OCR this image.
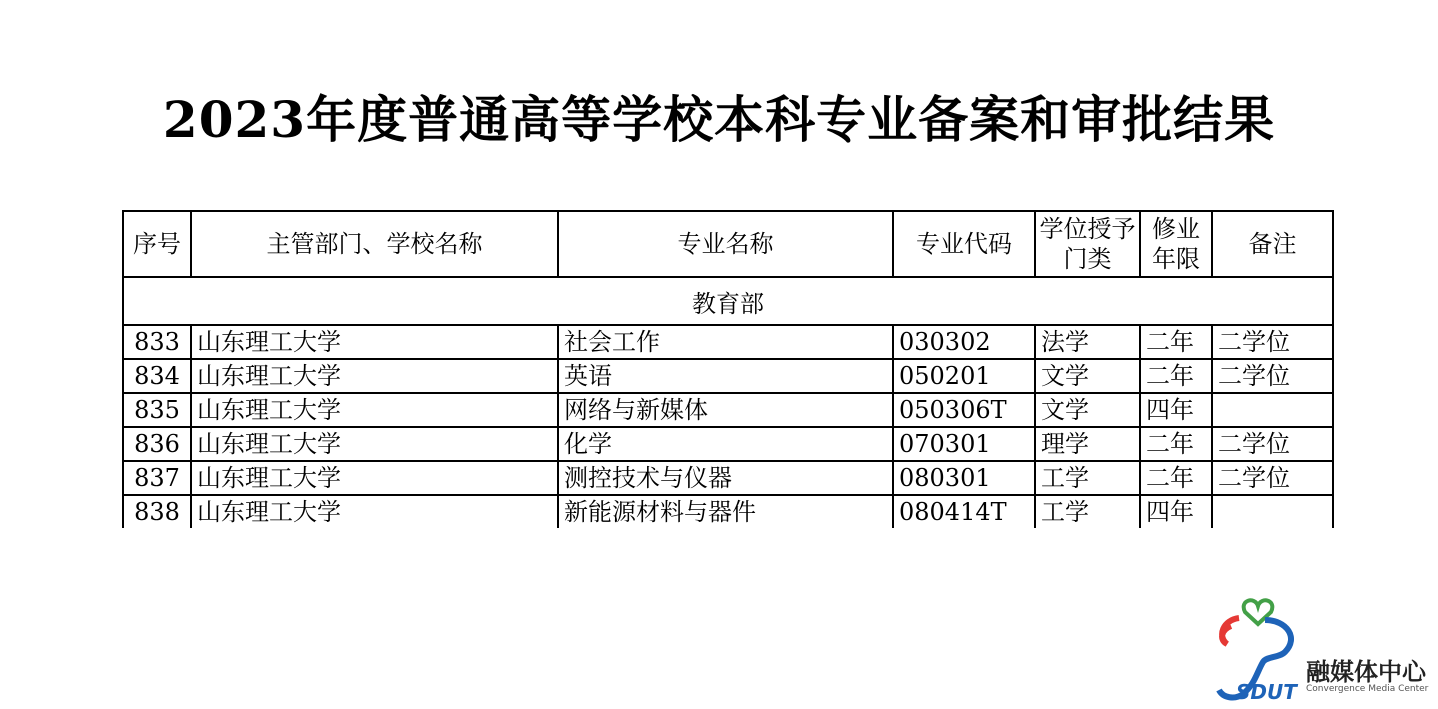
2023年度普通高等学校本科专业备案和审批结果
序号	主管部门、学校名称	专业名称	专业代码	学位授予门类	修业年限	备注
教育部						
833	山东理工大学	社会工作	030302	法学	二年	二学位
834	山东理工大学	英语	050201	文学	二年	二学位
835	山东理工大学	网络与新媒体	050306T	文学	四年	
836	山东理工大学	化学	070301	理学	二年	二学位
837	山东理工大学	测控技术与仪器	080301	工学	二年	二学位
838	山东理工大学	新能源材料与器件	080414T	工学	四年	
SDUT
融媒体中心
Convergence Media Center
